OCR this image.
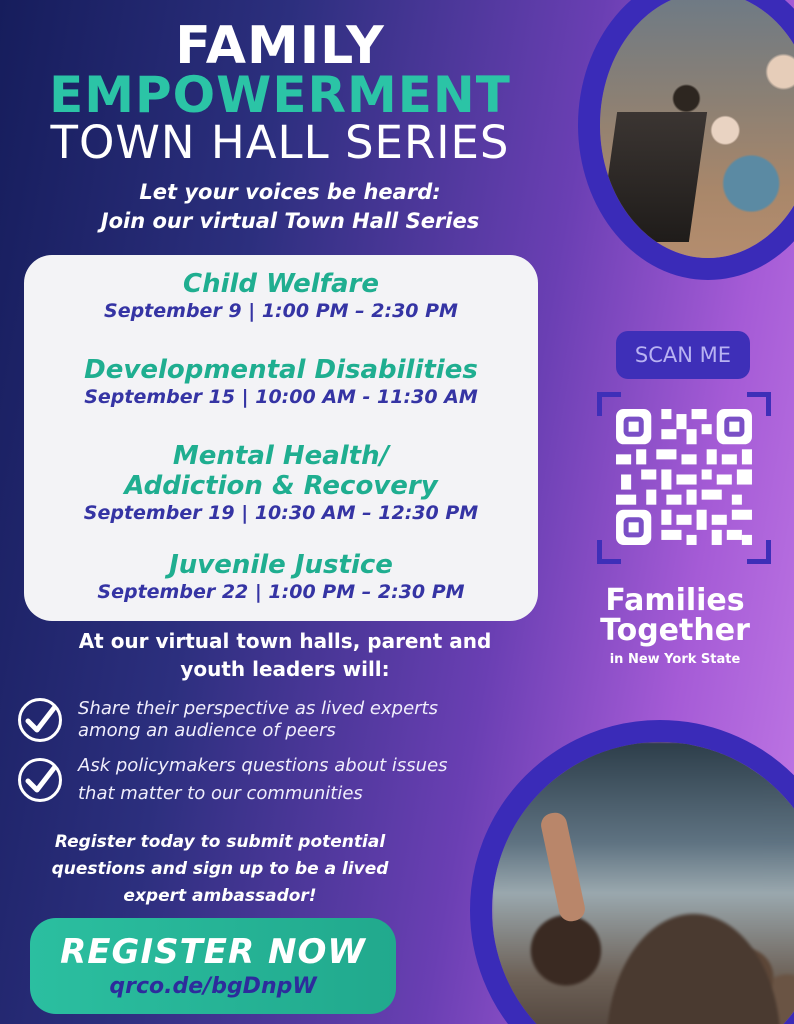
FAMILY
EMPOWERMENT
TOWN HALL SERIES
Let your voices be heard:
Join our virtual Town Hall Series
Child Welfare
September 9 | 1:00 PM – 2:30 PM
Developmental Disabilities
September 15 | 10:00 AM - 11:30 AM
Mental Health/
Addiction & Recovery
September 19 | 10:30 AM – 12:30 PM
Juvenile Justice
September 22 | 1:00 PM – 2:30 PM
SCAN ME
Families
Together
in New York State
At our virtual town halls, parent and
youth leaders will:
Share their perspective as lived experts
among an audience of peers
Ask policymakers questions about issues
that matter to our communities
Register today to submit potential
questions and sign up to be a lived
expert ambassador!
REGISTER NOW
qrco.de/bgDnpW
